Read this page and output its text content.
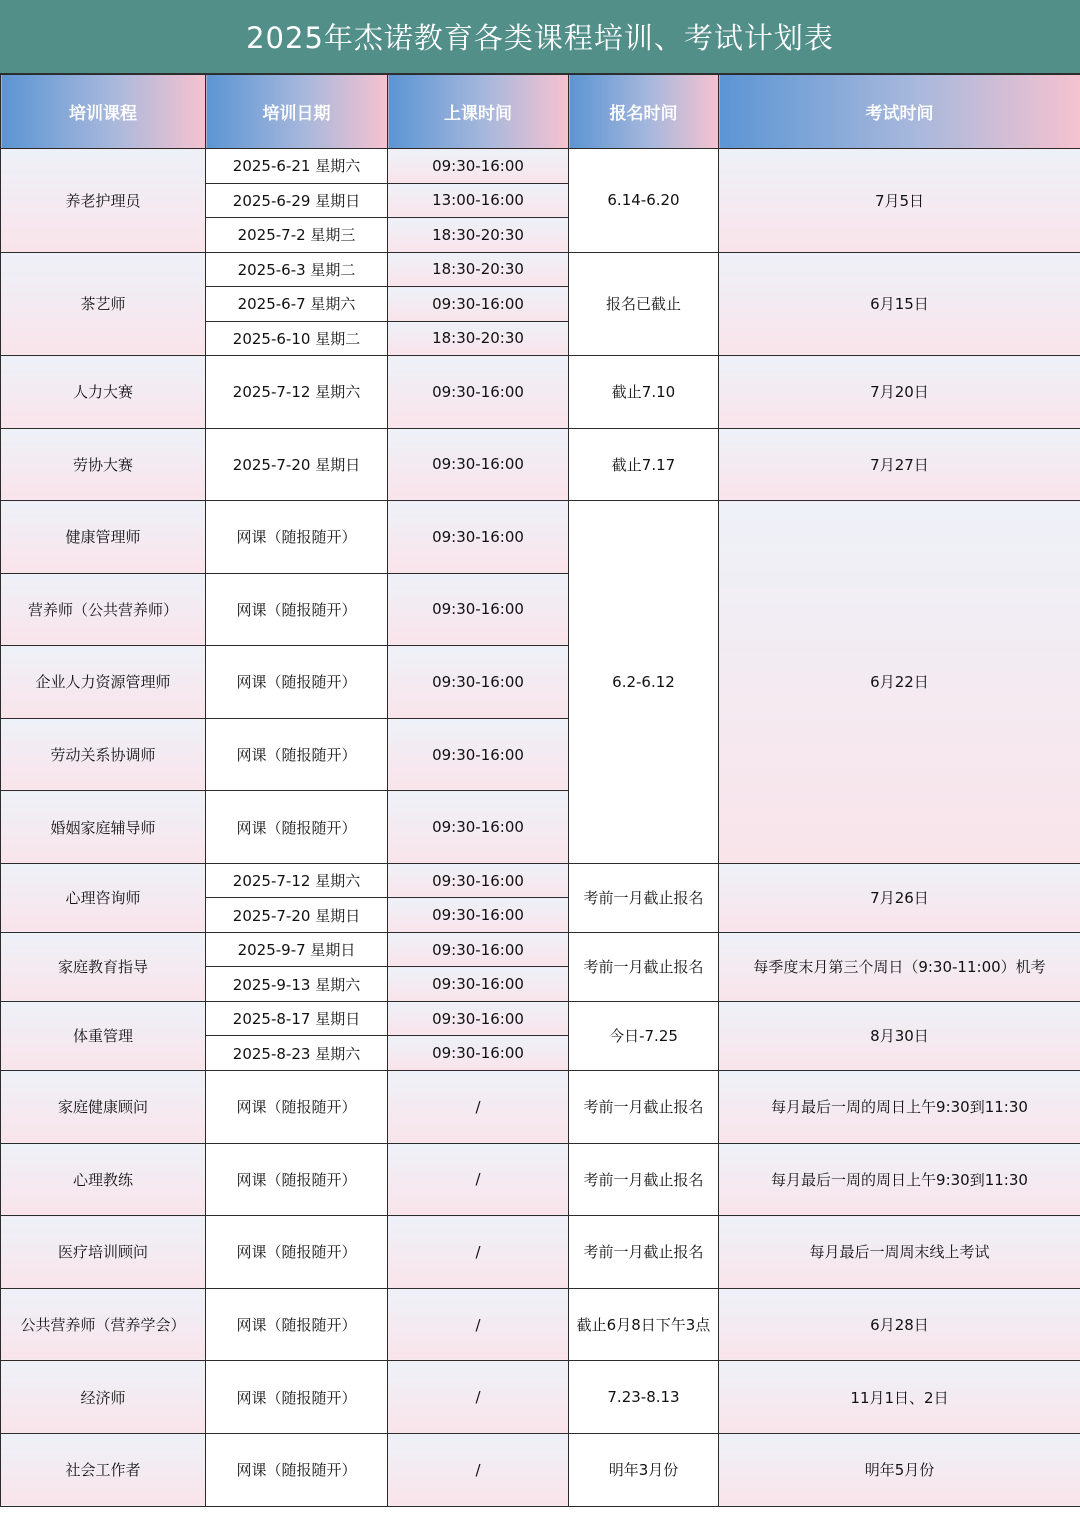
2025年杰诺教育各类课程培训、考试计划表
培训课程	培训日期	上课时间	报名时间	考试时间
养老护理员	2025-6-21 星期六	09:30-16:00	6.14-6.20	7月5日
	2025-6-29 星期日	13:00-16:00		
	2025-7-2 星期三	18:30-20:30		
茶艺师	2025-6-3 星期二	18:30-20:30	报名已截止	6月15日
	2025-6-7 星期六	09:30-16:00		
	2025-6-10 星期二	18:30-20:30		
人力大赛	2025-7-12 星期六	09:30-16:00	截止7.10	7月20日
劳协大赛	2025-7-20 星期日	09:30-16:00	截止7.17	7月27日
健康管理师	网课（随报随开）	09:30-16:00	6.2-6.12	6月22日
营养师（公共营养师）	网课（随报随开）	09:30-16:00		
企业人力资源管理师	网课（随报随开）	09:30-16:00		
劳动关系协调师	网课（随报随开）	09:30-16:00		
婚姻家庭辅导师	网课（随报随开）	09:30-16:00		
心理咨询师	2025-7-12 星期六	09:30-16:00	考前一月截止报名	7月26日
	2025-7-20 星期日	09:30-16:00		
家庭教育指导	2025-9-7 星期日	09:30-16:00	考前一月截止报名	每季度末月第三个周日（9:30-11:00）机考
	2025-9-13 星期六	09:30-16:00		
体重管理	2025-8-17 星期日	09:30-16:00	今日-7.25	8月30日
	2025-8-23 星期六	09:30-16:00		
家庭健康顾问	网课（随报随开）	/	考前一月截止报名	每月最后一周的周日上午9:30到11:30
心理教练	网课（随报随开）	/	考前一月截止报名	每月最后一周的周日上午9:30到11:30
医疗培训顾问	网课（随报随开）	/	考前一月截止报名	每月最后一周周末线上考试
公共营养师（营养学会）	网课（随报随开）	/	截止6月8日下午3点	6月28日
经济师	网课（随报随开）	/	7.23-8.13	11月1日、2日
社会工作者	网课（随报随开）	/	明年3月份	明年5月份
